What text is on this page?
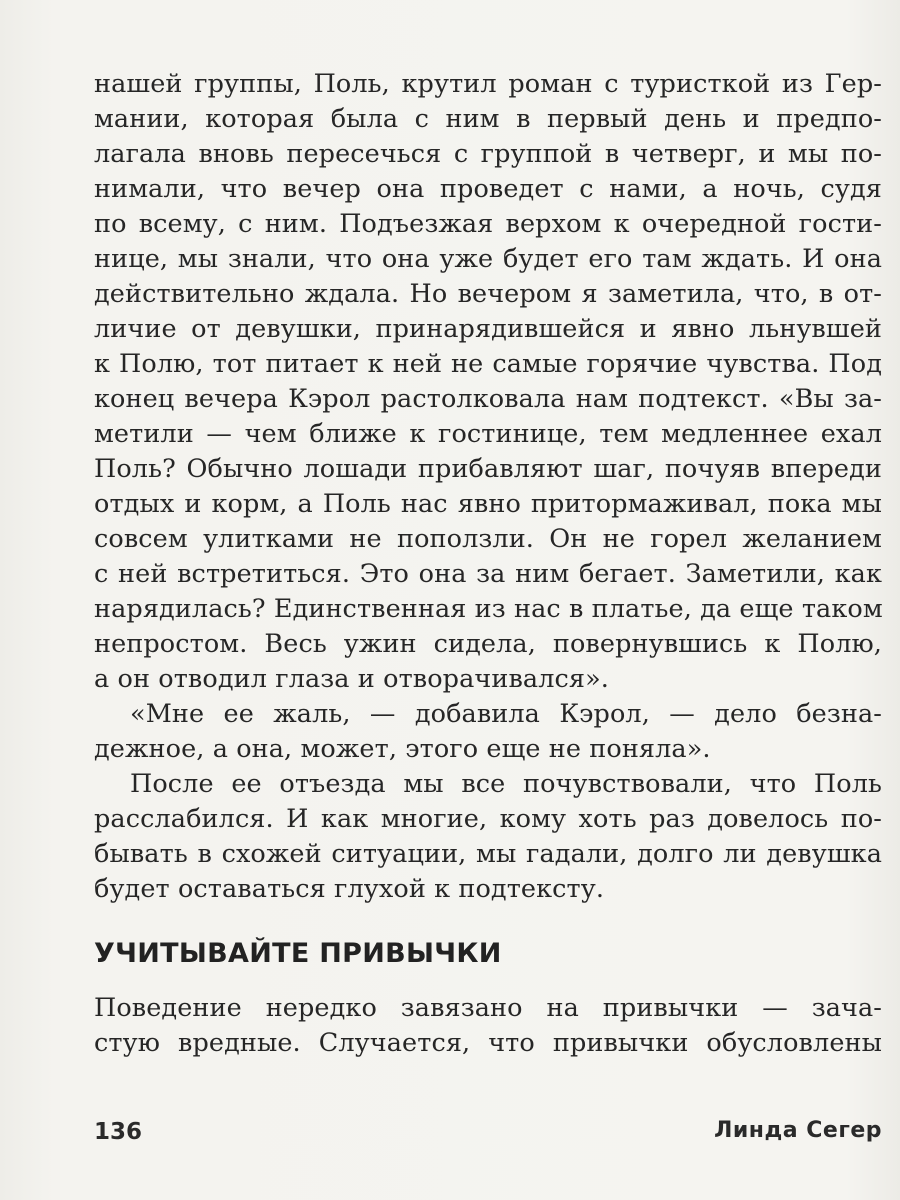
нашей группы, Поль, крутил роман с туристкой из Гер-
мании, которая была с ним в первый день и предпо-
лагала вновь пересечься с группой в четверг, и мы по-
нимали, что вечер она проведет с нами, а ночь, судя
по всему, с ним. Подъезжая верхом к очередной гости-
нице, мы знали, что она уже будет его там ждать. И она
действительно ждала. Но вечером я заметила, что, в от-
личие от девушки, принарядившейся и явно льнувшей
к Полю, тот питает к ней не самые горячие чувства. Под
конец вечера Кэрол растолковала нам подтекст. «Вы за-
метили — чем ближе к гостинице, тем медленнее ехал
Поль? Обычно лошади прибавляют шаг, почуяв впереди
отдых и корм, а Поль нас явно притормаживал, пока мы
совсем улитками не поползли. Он не горел желанием
с ней встретиться. Это она за ним бегает. Заметили, как
нарядилась? Единственная из нас в платье, да еще таком
непростом. Весь ужин сидела, повернувшись к Полю,
а он отводил глаза и отворачивался».
«Мне ее жаль, — добавила Кэрол, — дело безна-
дежное, а она, может, этого еще не поняла».
После ее отъезда мы все почувствовали, что Поль
расслабился. И как многие, кому хоть раз довелось по-
бывать в схожей ситуации, мы гадали, долго ли девушка
будет оставаться глухой к подтексту.
УЧИТЫВАЙТЕ ПРИВЫЧКИ
Поведение нередко завязано на привычки — зача-
стую вредные. Случается, что привычки обусловлены
136	Линда Сегер
